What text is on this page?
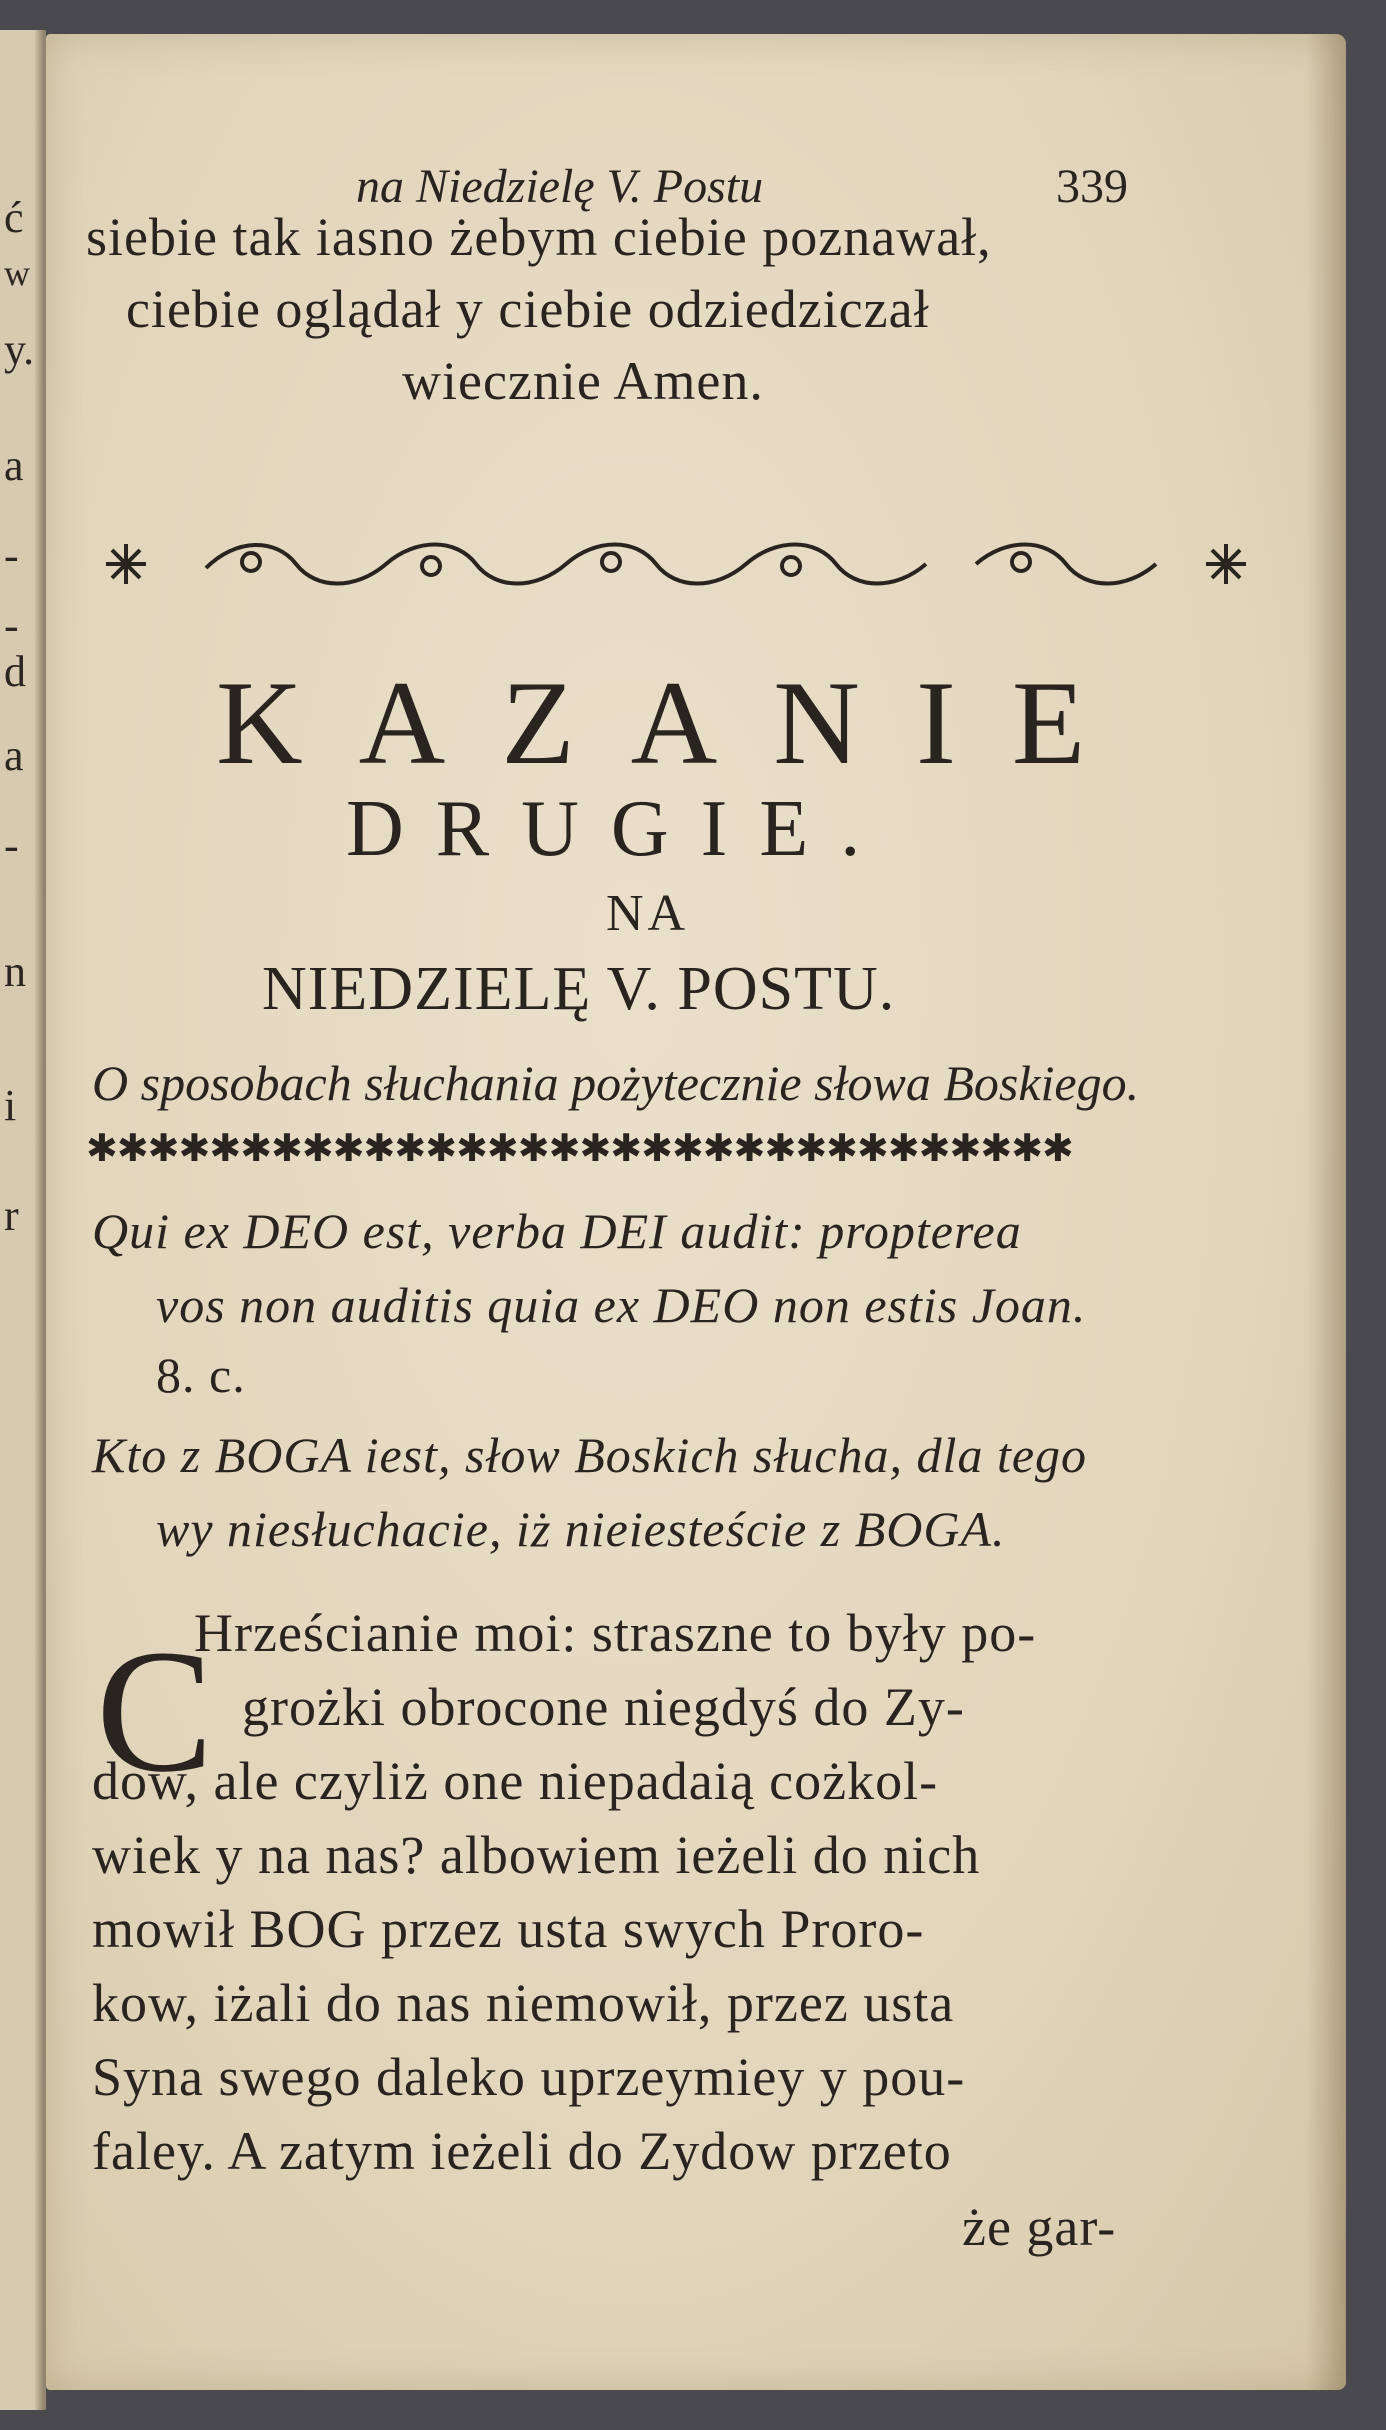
ć
w
y.
a
-
-
d
a
-
n
i
r
na Niedzielę V. Postu	339
siebie tak iasno żebym ciebie poznawał,
ciebie oglądał y ciebie odziedziczał
wiecznie Amen.
KAZANIE
DRUGIE.
NA
NIEDZIELĘ V. POSTU.
O sposobach słuchania pożytecznie słowa Boskiego.
✱✱✱✱✱✱✱✱✱✱✱✱✱✱✱✱✱✱✱✱✱✱✱✱✱✱✱✱✱✱✱✱
Qui ex DEO est, verba DEI audit: propterea
vos non auditis quia ex DEO non estis Joan.
8. c.
Kto z BOGA iest, słow Boskich słucha, dla tego
wy niesłuchacie, iż nieiesteście z BOGA.
C
Hrześcianie moi: straszne to były po-
grożki obrocone niegdyś do Zy-
dow, ale czyliż one niepadaią cożkol-
wiek y na nas? albowiem ieżeli do nich
mowił BOG przez usta swych Proro-
kow, iżali do nas niemowił, przez usta
Syna swego daleko uprzeymiey y pou-
faley. A zatym ieżeli do Zydow przeto
że gar-
